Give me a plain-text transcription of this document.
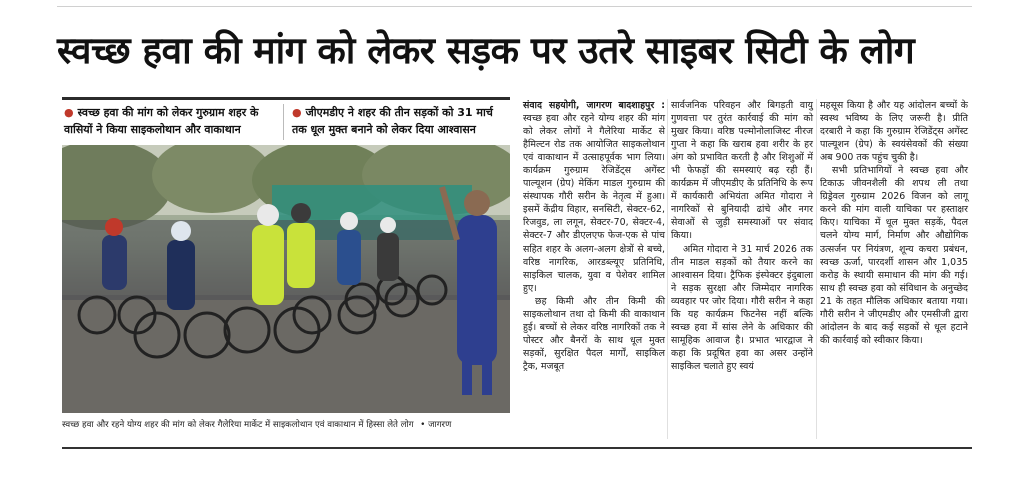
स्वच्छ हवा की मांग को लेकर सड़क पर उतरे साइबर सिटी के लोग
● स्वच्छ हवा की मांग को लेकर गुरुग्राम शहर के वासियों ने किया साइकलोथान और वाकाथान
● जीएमडीए ने शहर की तीन सड़कों को 31 मार्च तक धूल मुक्त बनाने को लेकर दिया आश्वासन
स्वच्छ हवा और रहने योग्य शहर की मांग को लेकर गैलेरिया मार्केट में साइकलोथान एवं वाकाथान में हिस्सा लेते लोग • जागरण

संवाद सहयोगी, जागरण बादशाहपुर : स्वच्छ हवा और रहने योग्य शहर की मांग को लेकर लोगों ने गैलेरिया मार्केट से हैमिल्टन रोड तक आयोजित साइकलोथान एवं वाकाथान में उत्साहपूर्वक भाग लिया। कार्यक्रम गुरुग्राम रेजिडेंट्स अगेंस्ट पाल्यूशन (ग्रेप) मेकिंग माडल गुरुग्राम की संस्थापक गौरी सरीन के नेतृत्व में हुआ। इसमें केंद्रीय विहार, सनसिटी, सेक्टर-62, रिजवुड, ला लगून, सेक्टर-70, सेक्टर-4, सेक्टर-7 और डीएलएफ फेज-एक से पांच सहित शहर के अलग-अलग क्षेत्रों से बच्चे, वरिष्ठ नागरिक, आरडब्ल्यूए प्रतिनिधि, साइकिल चालक, युवा व पेशेवर शामिल हुए।

छह किमी और तीन किमी की साइकलोथान तथा दो किमी की वाकाथान हुई। बच्चों से लेकर वरिष्ठ नागरिकों तक ने पोस्टर और बैनरों के साथ धूल मुक्त सड़कों, सुरक्षित पैदल मार्गों, साइकिल ट्रैक, मजबूत

सार्वजनिक परिवहन और बिगड़ती वायु गुणवत्ता पर तुरंत कार्रवाई की मांग को मुखर किया। वरिष्ठ पल्मोनोलाजिस्ट नीरज गुप्ता ने कहा कि खराब हवा शरीर के हर अंग को प्रभावित करती है और शिशुओं में भी फेफड़ों की समस्याएं बढ़ रही हैं। कार्यक्रम में जीएमडीए के प्रतिनिधि के रूप में कार्यकारी अभियंता अमित गोदारा ने नागरिकों से बुनियादी ढांचे और नगर सेवाओं से जुड़ी समस्याओं पर संवाद किया।

अमित गोदारा ने 31 मार्च 2026 तक तीन माडल सड़कों को तैयार करने का आश्वासन दिया। ट्रैफिक इंस्पेक्टर इंदुबाला ने सड़क सुरक्षा और जिम्मेदार नागरिक व्यवहार पर जोर दिया। गौरी सरीन ने कहा कि यह कार्यक्रम फिटनेस नहीं बल्कि स्वच्छ हवा में सांस लेने के अधिकार की सामूहिक आवाज है। प्रभात भारद्वाज ने कहा कि प्रदूषित हवा का असर उन्होंने साइकिल चलाते हुए स्वयं

महसूस किया है और यह आंदोलन बच्चों के स्वस्थ भविष्य के लिए जरूरी है। प्रीति दरबारी ने कहा कि गुरुग्राम रेजिडेंट्स अगेंस्ट पाल्यूशन (ग्रेप) के स्वयंसेवकों की संख्या अब 900 तक पहुंच चुकी है।

सभी प्रतिभागियों ने स्वच्छ हवा और टिकाऊ जीवनशैली की शपथ ली तथा ग्रिड्रेवल गुरुग्राम 2026 विजन को लागू करने की मांग वाली याचिका पर हस्ताक्षर किए। याचिका में धूल मुक्त सड़कें, पैदल चलने योग्य मार्ग, निर्माण और औद्योगिक उत्सर्जन पर नियंत्रण, शून्य कचरा प्रबंधन, स्वच्छ ऊर्जा, पारदर्शी शासन और 1,035 करोड़ के स्थायी समाधान की मांग की गई। साथ ही स्वच्छ हवा को संविधान के अनुच्छेद 21 के तहत मौलिक अधिकार बताया गया। गौरी सरीन ने जीएमडीए और एमसीजी द्वारा आंदोलन के बाद कई सड़कों से धूल हटाने की कार्रवाई को स्वीकार किया।
